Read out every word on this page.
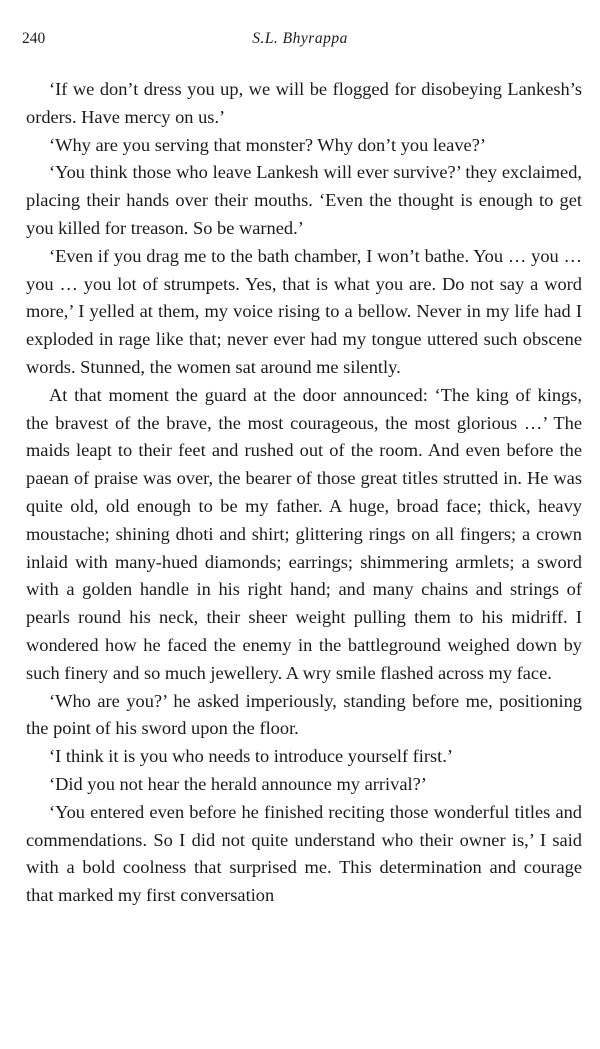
240	S.L. Bhyrappa

‘If we don’t dress you up, we will be flogged for disobeying Lankesh’s orders. Have mercy on us.’

‘Why are you serving that monster? Why don’t you leave?’

‘You think those who leave Lankesh will ever survive?’ they exclaimed, placing their hands over their mouths. ‘Even the thought is enough to get you killed for treason. So be warned.’

‘Even if you drag me to the bath chamber, I won’t bathe. You … you … you … you lot of strumpets. Yes, that is what you are. Do not say a word more,’ I yelled at them, my voice rising to a bellow. Never in my life had I exploded in rage like that; never ever had my tongue uttered such obscene words. Stunned, the women sat around me silently.

At that moment the guard at the door announced: ‘The king of kings, the bravest of the brave, the most courageous, the most glorious …’ The maids leapt to their feet and rushed out of the room. And even before the paean of praise was over, the bearer of those great titles strutted in. He was quite old, old enough to be my father. A huge, broad face; thick, heavy moustache; shining dhoti and shirt; glittering rings on all fingers; a crown inlaid with many-hued diamonds; earrings; shimmering armlets; a sword with a golden handle in his right hand; and many chains and strings of pearls round his neck, their sheer weight pulling them to his midriff. I wondered how he faced the enemy in the battleground weighed down by such finery and so much jewellery. A wry smile flashed across my face.

‘Who are you?’ he asked imperiously, standing before me, positioning the point of his sword upon the floor.

‘I think it is you who needs to introduce yourself first.’

‘Did you not hear the herald announce my arrival?’

‘You entered even before he finished reciting those wonderful titles and commendations. So I did not quite understand who their owner is,’ I said with a bold coolness that surprised me. This determination and courage that marked my first conversation
